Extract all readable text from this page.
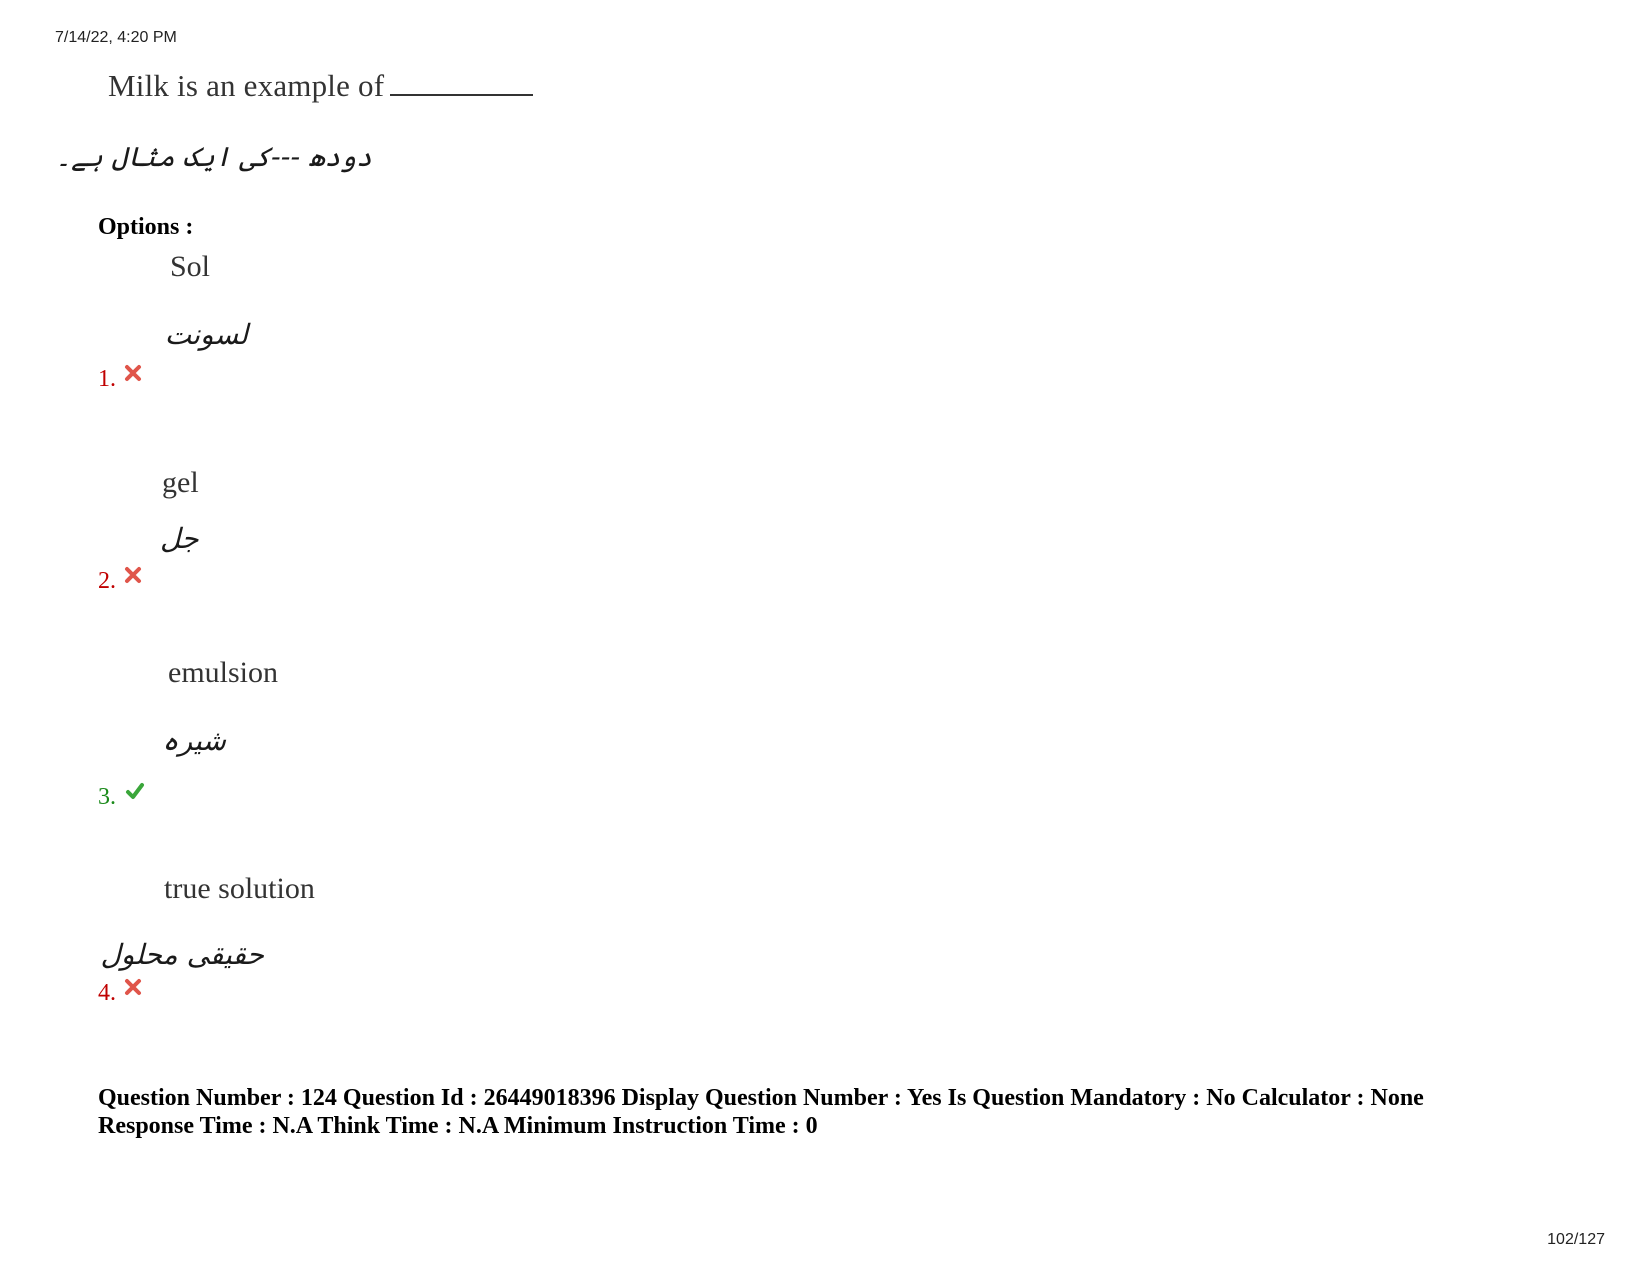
7/14/22, 4:20 PM
Milk is an example of
دودھ ---کی ایک مثال ہے۔
Options :
Sol
لسونت
1.
gel
جل
2.
emulsion
شیرہ
3.
true solution
حقیقی محلول
4.
Question Number : 124 Question Id : 26449018396 Display Question Number : Yes Is Question Mandatory : No Calculator : None
Response Time : N.A Think Time : N.A Minimum Instruction Time : 0
102/127
